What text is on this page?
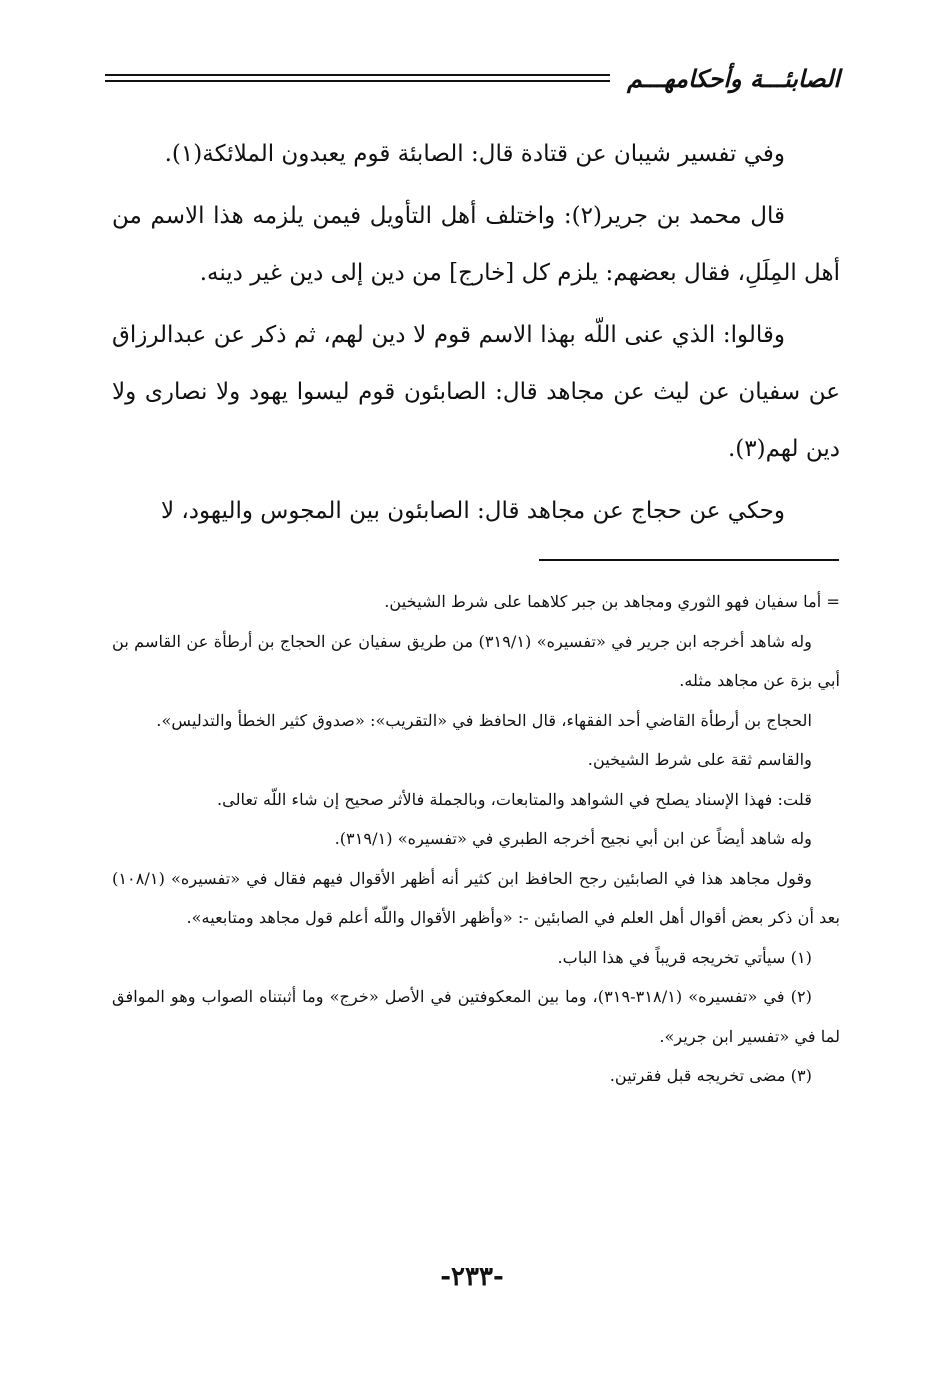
الصابئـــة وأحكامهـــم

وفي تفسير شيبان عن قتادة قال: الصابئة قوم يعبدون الملائكة(١).

قال محمد بن جرير(٢): واختلف أهل التأويل فيمن يلزمه هذا الاسم من أهل المِلَلِ، فقال بعضهم: يلزم كل [خارج] من دين إلى دين غير دينه.

وقالوا: الذي عنى اللّه بهذا الاسم قوم لا دين لهم، ثم ذكر عن عبدالرزاق عن سفيان عن ليث عن مجاهد قال: الصابئون قوم ليسوا يهود ولا نصارى ولا دين لهم(٣).

وحكي عن حجاج عن مجاهد قال: الصابئون بين المجوس واليهود، لا

= أما سفيان فهو الثوري ومجاهد بن جبر كلاهما على شرط الشيخين.

وله شاهد أخرجه ابن جرير في «تفسيره» (٣١٩/١) من طريق سفيان عن الحجاج بن أرطأة عن القاسم بن أبي بزة عن مجاهد مثله.

الحجاج بن أرطأة القاضي أحد الفقهاء، قال الحافظ في «التقريب»: «صدوق كثير الخطأ والتدليس».

والقاسم ثقة على شرط الشيخين.

قلت: فهذا الإسناد يصلح في الشواهد والمتابعات، وبالجملة فالأثر صحيح إن شاء اللّه تعالى.

وله شاهد أيضاً عن ابن أبي نجيح أخرجه الطبري في «تفسيره» (٣١٩/١).

وقول مجاهد هذا في الصابئين رجح الحافظ ابن كثير أنه أظهر الأقوال فيهم فقال في «تفسيره» (١٠٨/١) بعد أن ذكر بعض أقوال أهل العلم في الصابئين -: «وأظهر الأقوال واللّه أعلم قول مجاهد ومتابعيه».

(١) سيأتي تخريجه قريباً في هذا الباب.

(٢) في «تفسيره» (٣١٨/١-٣١٩)، وما بين المعكوفتين في الأصل «خرج» وما أثبتناه الصواب وهو الموافق لما في «تفسير ابن جرير».

(٣) مضى تخريجه قبل فقرتين.

-٢٣٣-
